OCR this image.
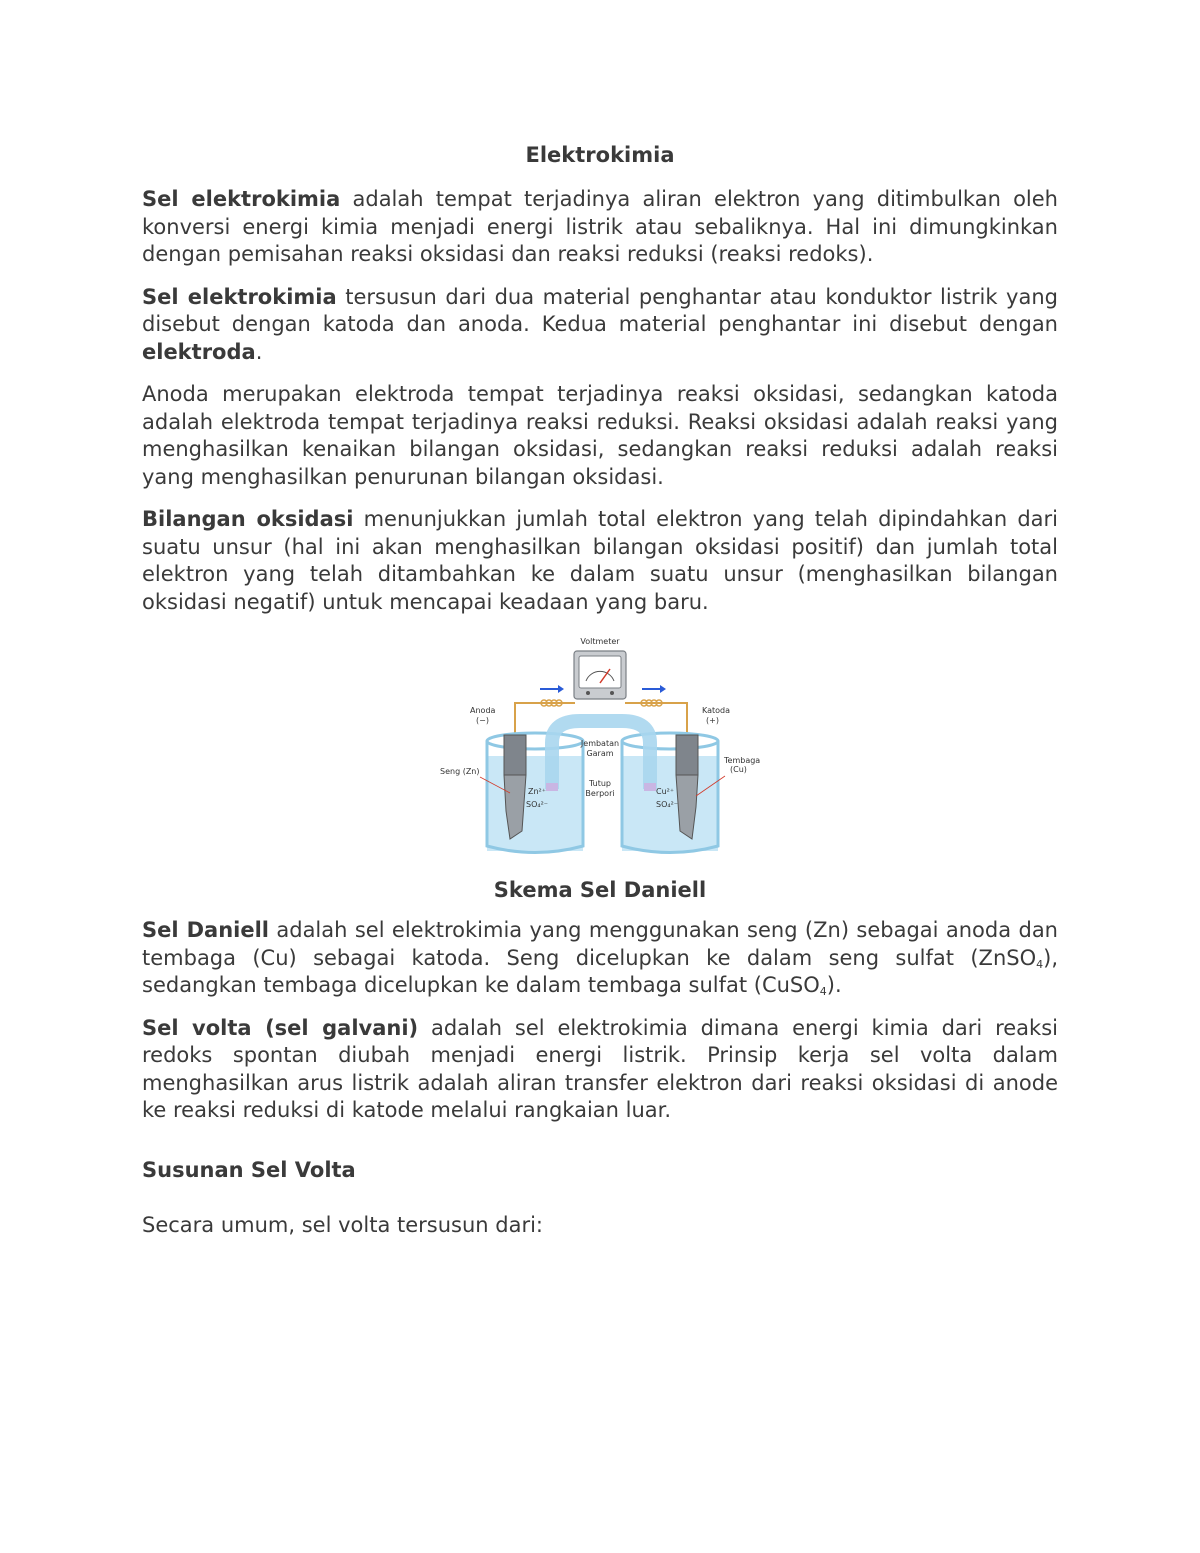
Elektrokimia

Sel elektrokimia adalah tempat terjadinya aliran elektron yang ditimbulkan oleh konversi energi kimia menjadi energi listrik atau sebaliknya. Hal ini dimungkinkan dengan pemisahan reaksi oksidasi dan reaksi reduksi (reaksi redoks).

Sel elektrokimia tersusun dari dua material penghantar atau konduktor listrik yang disebut dengan katoda dan anoda. Kedua material penghantar ini disebut dengan elektroda.

Anoda merupakan elektroda tempat terjadinya reaksi oksidasi, sedangkan katoda adalah elektroda tempat terjadinya reaksi reduksi. Reaksi oksidasi adalah reaksi yang menghasilkan kenaikan bilangan oksidasi, sedangkan reaksi reduksi adalah reaksi yang menghasilkan penurunan bilangan oksidasi.

Bilangan oksidasi menunjukkan jumlah total elektron yang telah dipindahkan dari suatu unsur (hal ini akan menghasilkan bilangan oksidasi positif) dan jumlah total elektron yang telah ditambahkan ke dalam suatu unsur (menghasilkan bilangan oksidasi negatif) untuk mencapai keadaan yang baru.

Voltmeter
Anoda
(−)
Katoda
(+)
Jembatan
Garam
Seng (Zn)
Tembaga
(Cu)
Tutup
Berpori
Zn²⁺
SO₄²⁻
Cu²⁺
SO₄²⁻
Skema Sel Daniell

Sel Daniell adalah sel elektrokimia yang menggunakan seng (Zn) sebagai anoda dan tembaga (Cu) sebagai katoda. Seng dicelupkan ke dalam seng sulfat (ZnSO$_4$), sedangkan tembaga dicelupkan ke dalam tembaga sulfat (CuSO$_4$).

Sel volta (sel galvani) adalah sel elektrokimia dimana energi kimia dari reaksi redoks spontan diubah menjadi energi listrik. Prinsip kerja sel volta dalam menghasilkan arus listrik adalah aliran transfer elektron dari reaksi oksidasi di anode ke reaksi reduksi di katode melalui rangkaian luar.

Susunan Sel Volta
Secara umum, sel volta tersusun dari:
